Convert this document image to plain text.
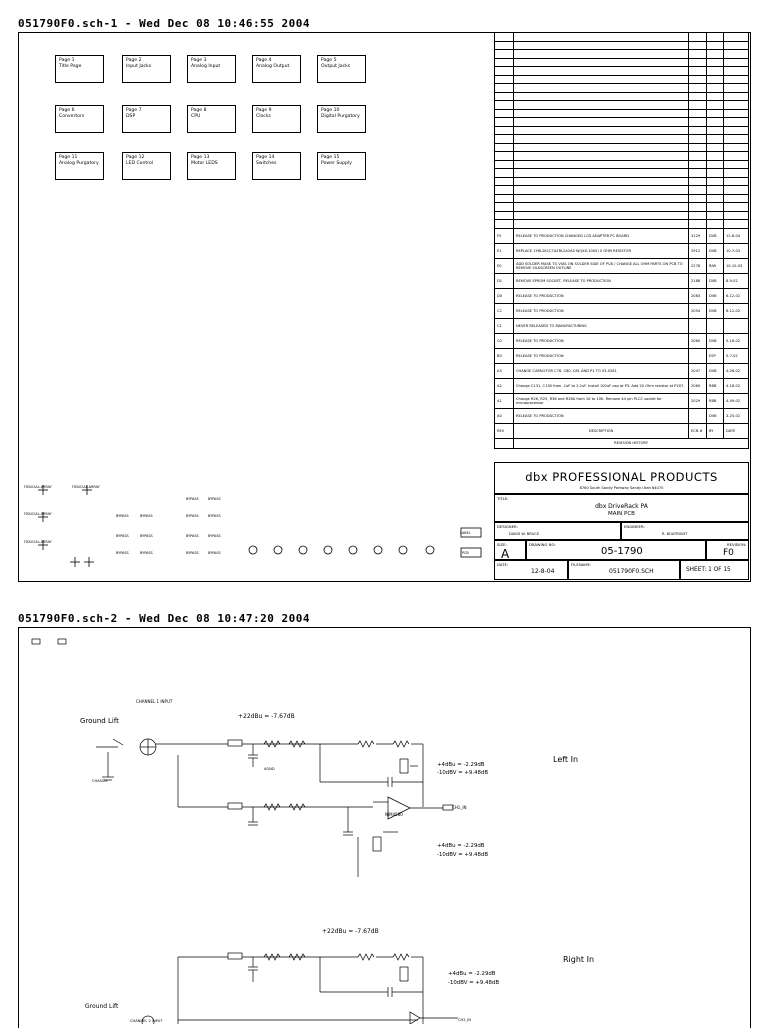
051790F0.sch-1 - Wed Dec 08 10:46:55 2004
Page 1
Title Page
Page 2
Input Jacks
Page 3
Analog Input
Page 4
Analog Output
Page 5
Output Jacks
Page 6
Convertors
Page 7
DSP
Page 8
CPU
Page 9
Clocks
Page 10
Digital Purgatory
Page 11
Analog Purgatory
Page 12
LED Control
Page 13
Motor LEDS
Page 14
Switches
Page 15
Power Supply

F0	RELEASE TO PRODUCTION CHANGED LCD ADAPTER PC BOARD	3129	DVB	12-8-04
E1	REPLACE 1Y8L2K1C7A2RL2A2A0 W/(XX-1000) 0 OHM RESISTOR	2912	DVB	10-7-03
E0	ADD SOLDER MASK TO VIAS ON SOLDER SIDE OF PCB / CHANGE ALL OHM PARTS ON PCB TO REMOVE SILKSCREEN OUTLINE	2278	RJW	10-10-03
D1	REMOVE EPROM SOCKET, RELEASE TO PRODUCTION	2188	DVB	8-9-02
D0	RELEASE TO PRODUCTION	2083	DVB	6-12-02
C2	RELEASE TO PRODUCTION	2054	DVB	6-12-02
C1	NEVER RELEASED TO MANUFACTURING			
C0	RELEASE TO PRODUCTION	2060	DVB	5-16-02
B0	RELEASE TO PRODUCTION		ESP	5-7-02
A3	CHANGE CAPACITOR C78, C80, C81 AND P1 TO 03-0281	2047	DVB	4-26-02
A2	Change C131, C130 from .1uF to 2.2uF. Install 100uF cap at P3. Add 20 Ohm resistor at P207.	2060	RBB	4-18-02
A1	Change R26, R25, R36 and R26A from 1K to 10K. Remove 44 pin PLCC socket for microprocessor	2029	RBB	4-09-02
A0	RELEASE TO PRODUCTION		DVB	3-25-02
REV	DESCRIPTION	ECN #	BY	DATE
	REVISION HISTORY			
dbx PROFESSIONAL PRODUCTS
8760 South Sandy Parkway Sandy Utah 84070
TITLE:
dbx DriveRack PA
MAIN PCB
DESIGNER:
DAVID W. BRUCE
ENGINEER:
R. BOATRIGHT
SIZE:
A
DRAWING NO:
05-1790
REVISION:
F0
DATE:
12-8-04
FILENAME:
051790F0.SCH	SHEET: 1 OF 15
FIDUCIAL-ARRAY	FIDUCIAL-ARRAY
FIDUCIAL-ARRAY
FIDUCIAL-ARRAY
BYPASS	BYPASS
BYPASS	BYPASS
BYPASS	BYPASS
BYPASS	BYPASS	BYPASS	BYPASS
BYPASS	BYPASS	BYPASS	BYPASS
LABEL
PCB
051790F0.sch-2 - Wed Dec 08 10:47:20 2004
Ground Lift
CHANNEL 1 INPUT
+22dBu = -7.67dB
Left In
+4dBu = -2.29dB
-10dBV = +9.48dB
+4dBu = -2.29dB
-10dBV = +9.48dB
CH1_IN
NJM4580
CHASSIS
AGND
+22dBu = -7.67dB
Right In
+4dBu = -2.29dB
-10dBV = +9.48dB
Ground Lift
CHANNEL 2 INPUT	CH2_IN
